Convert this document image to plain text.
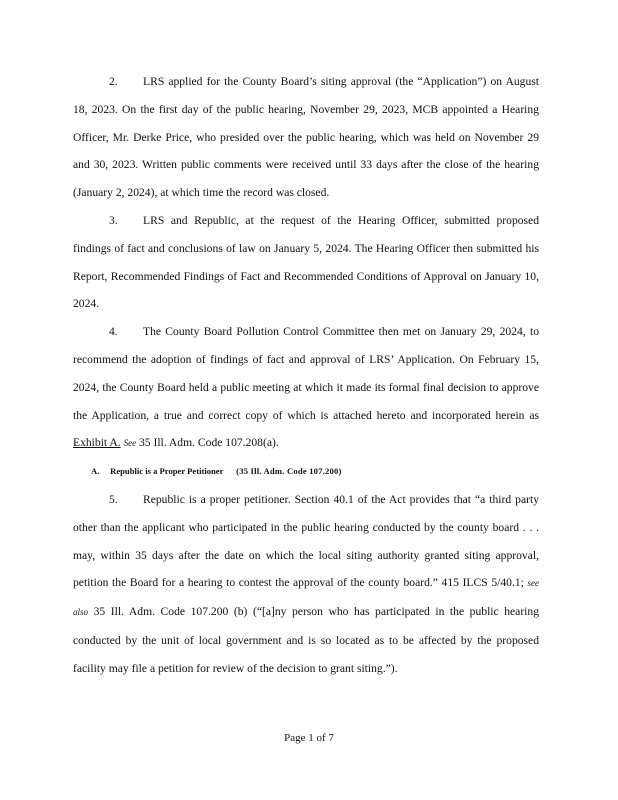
2. LRS applied for the County Board’s siting approval (the “Application”) on August 18, 2023. On the first day of the public hearing, November 29, 2023, MCB appointed a Hearing Officer, Mr. Derke Price, who presided over the public hearing, which was held on November 29 and 30, 2023. Written public comments were received until 33 days after the close of the hearing (January 2, 2024), at which time the record was closed.

3. LRS and Republic, at the request of the Hearing Officer, submitted proposed findings of fact and conclusions of law on January 5, 2024. The Hearing Officer then submitted his Report, Recommended Findings of Fact and Recommended Conditions of Approval on January 10, 2024.

4. The County Board Pollution Control Committee then met on January 29, 2024, to recommend the adoption of findings of fact and approval of LRS’ Application. On February 15, 2024, the County Board held a public meeting at which it made its formal final decision to approve the Application, a true and correct copy of which is attached hereto and incorporated herein as Exhibit A. See 35 Ill. Adm. Code 107.208(a).

A. Republic is a Proper Petitioner (35 Ill. Adm. Code 107.200)

5. Republic is a proper petitioner. Section 40.1 of the Act provides that “a third party other than the applicant who participated in the public hearing conducted by the county board . . . may, within 35 days after the date on which the local siting authority granted siting approval, petition the Board for a hearing to contest the approval of the county board.” 415 ILCS 5/40.1; see also 35 Ill. Adm. Code 107.200 (b) (“[a]ny person who has participated in the public hearing conducted by the unit of local government and is so located as to be affected by the proposed facility may file a petition for review of the decision to grant siting.”).

Page 1 of 7
